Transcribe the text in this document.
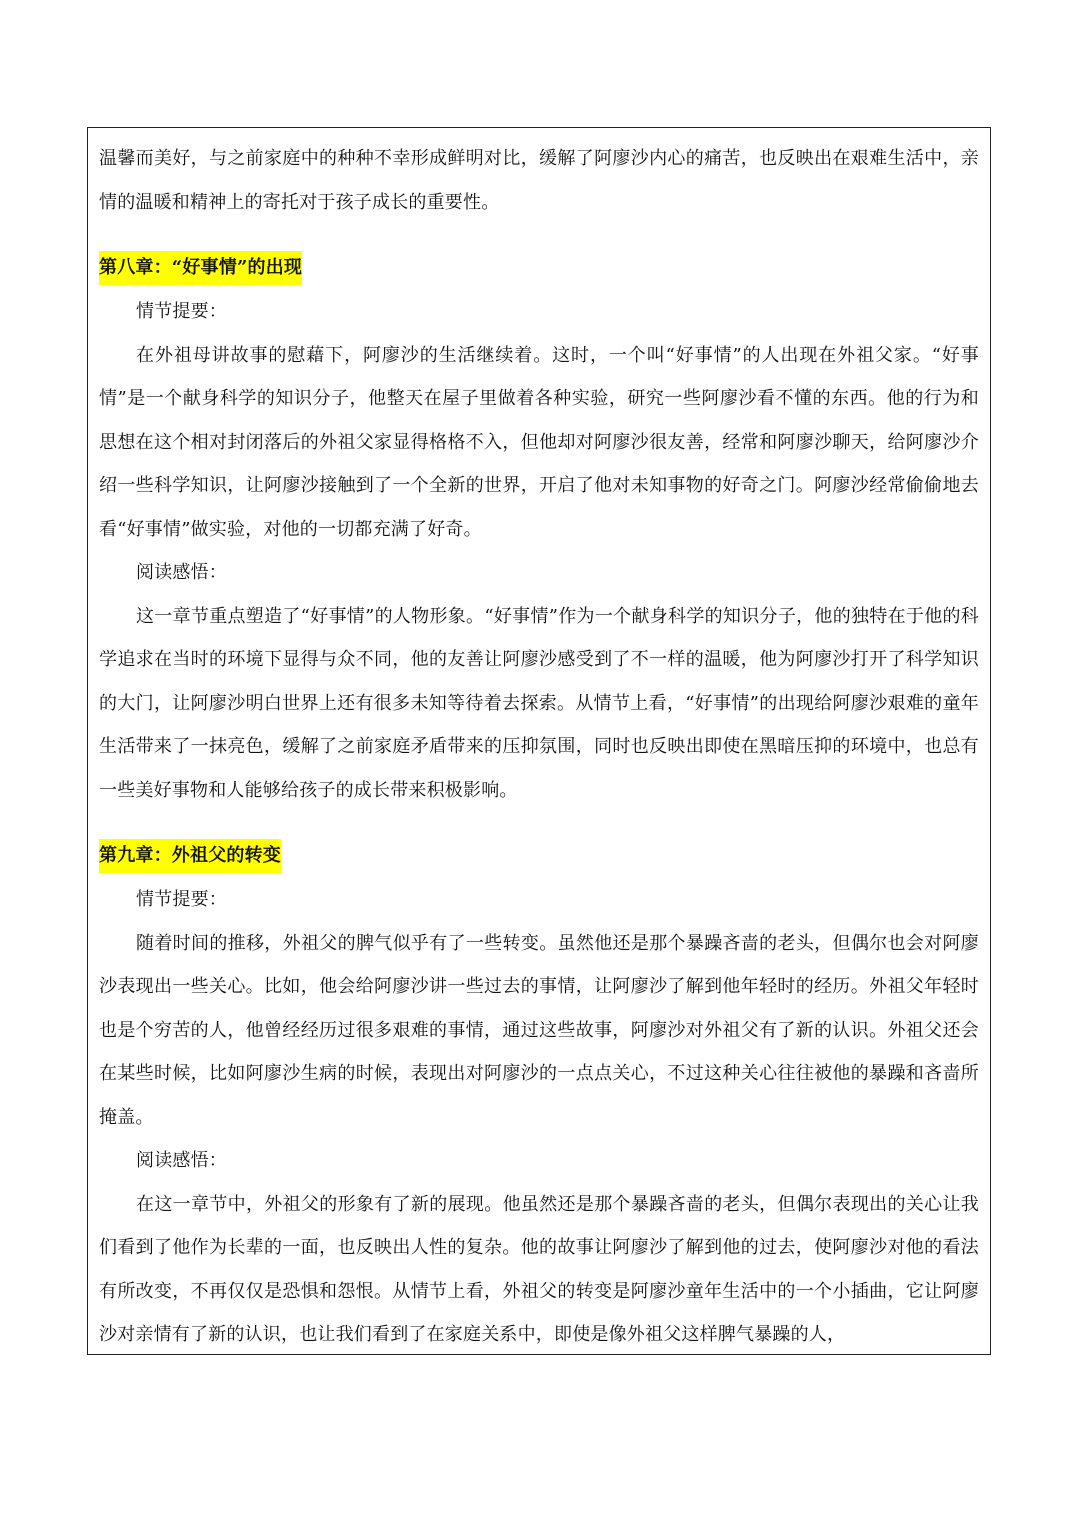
温馨而美好，与之前家庭中的种种不幸形成鲜明对比，缓解了阿廖沙内心的痛苦，也反映出在艰难生活中，亲情的温暖和精神上的寄托对于孩子成长的重要性。

第八章：“好事情”的出现

情节提要：

在外祖母讲故事的慰藉下，阿廖沙的生活继续着。这时，一个叫“好事情”的人出现在外祖父家。“好事情”是一个献身科学的知识分子，他整天在屋子里做着各种实验，研究一些阿廖沙看不懂的东西。他的行为和思想在这个相对封闭落后的外祖父家显得格格不入，但他却对阿廖沙很友善，经常和阿廖沙聊天，给阿廖沙介绍一些科学知识，让阿廖沙接触到了一个全新的世界，开启了他对未知事物的好奇之门。阿廖沙经常偷偷地去看“好事情”做实验，对他的一切都充满了好奇。

阅读感悟：

这一章节重点塑造了“好事情”的人物形象。“好事情”作为一个献身科学的知识分子，他的独特在于他的科学追求在当时的环境下显得与众不同，他的友善让阿廖沙感受到了不一样的温暖，他为阿廖沙打开了科学知识的大门，让阿廖沙明白世界上还有很多未知等待着去探索。从情节上看，“好事情”的出现给阿廖沙艰难的童年生活带来了一抹亮色，缓解了之前家庭矛盾带来的压抑氛围，同时也反映出即使在黑暗压抑的环境中，也总有一些美好事物和人能够给孩子的成长带来积极影响。

第九章：外祖父的转变

情节提要：

随着时间的推移，外祖父的脾气似乎有了一些转变。虽然他还是那个暴躁吝啬的老头，但偶尔也会对阿廖沙表现出一些关心。比如，他会给阿廖沙讲一些过去的事情，让阿廖沙了解到他年轻时的经历。外祖父年轻时也是个穷苦的人，他曾经经历过很多艰难的事情，通过这些故事，阿廖沙对外祖父有了新的认识。外祖父还会在某些时候，比如阿廖沙生病的时候，表现出对阿廖沙的一点点关心，不过这种关心往往被他的暴躁和吝啬所掩盖。

阅读感悟：

在这一章节中，外祖父的形象有了新的展现。他虽然还是那个暴躁吝啬的老头，但偶尔表现出的关心让我们看到了他作为长辈的一面，也反映出人性的复杂。他的故事让阿廖沙了解到他的过去，使阿廖沙对他的看法有所改变，不再仅仅是恐惧和怨恨。从情节上看，外祖父的转变是阿廖沙童年生活中的一个小插曲，它让阿廖沙对亲情有了新的认识，也让我们看到了在家庭关系中，即使是像外祖父这样脾气暴躁的人，
